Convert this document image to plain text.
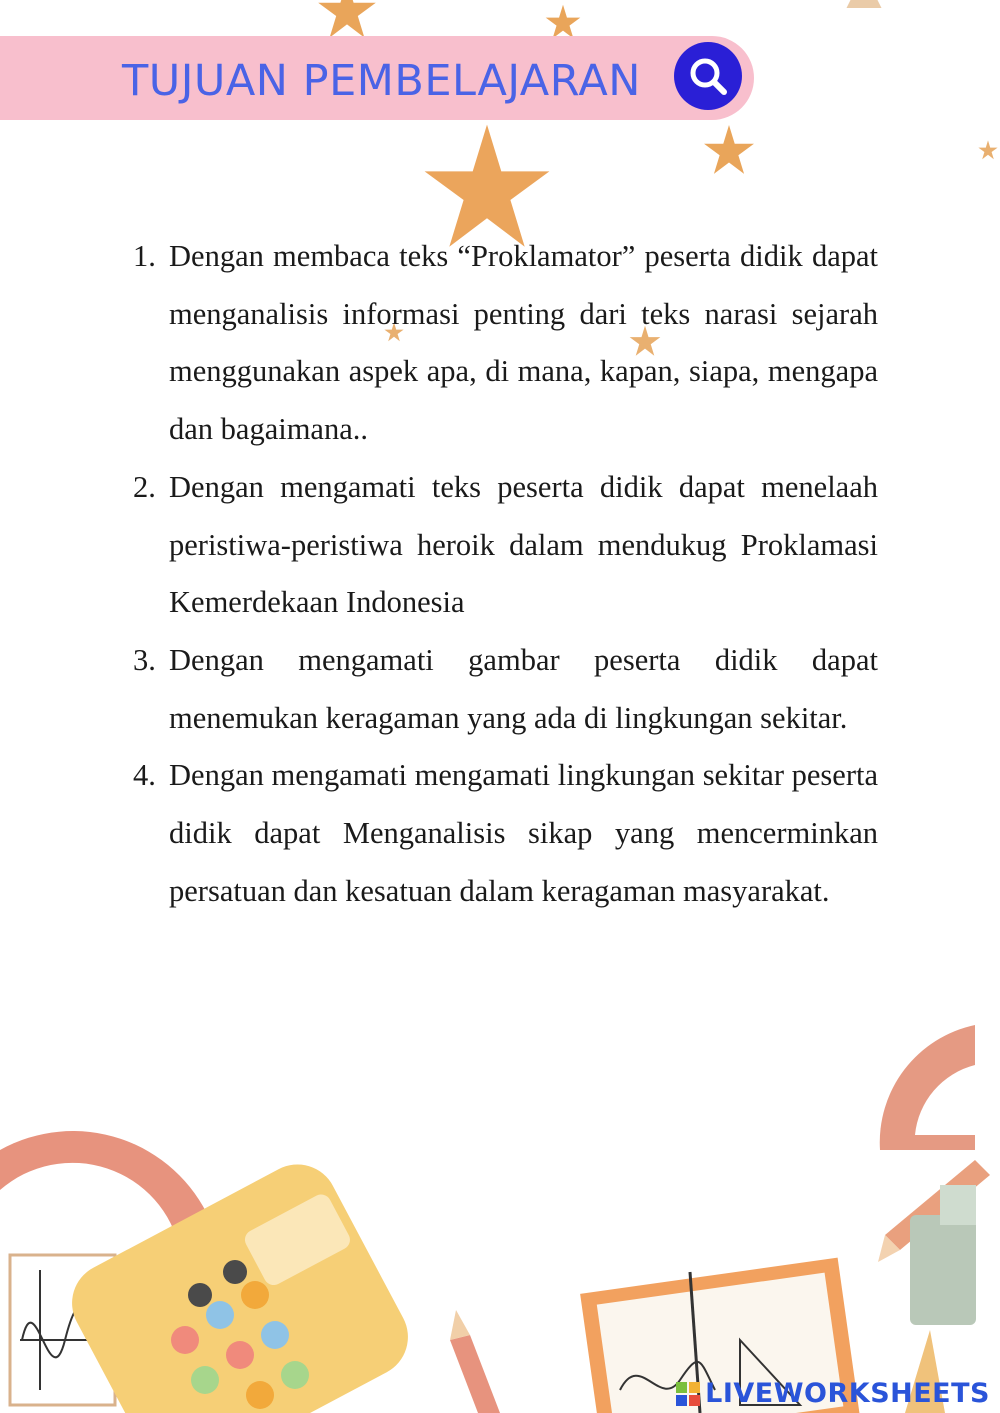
TUJUAN PEMBELAJARAN
1. Dengan membaca teks “Proklamator” peserta didik dapat menganalisis informasi penting dari teks narasi sejarah menggunakan aspek apa, di mana, kapan, siapa, mengapa dan bagaimana..
2. Dengan mengamati teks peserta didik dapat menelaah peristiwa-peristiwa heroik dalam mendukug Proklamasi Kemerdekaan Indonesia
3. Dengan mengamati gambar peserta didik dapat menemukan keragaman yang ada di lingkungan sekitar.
4. Dengan mengamati mengamati lingkungan sekitar peserta didik dapat Menganalisis sikap yang mencerminkan persatuan dan kesatuan dalam keragaman masyarakat.
LIVEWORKSHEETS
